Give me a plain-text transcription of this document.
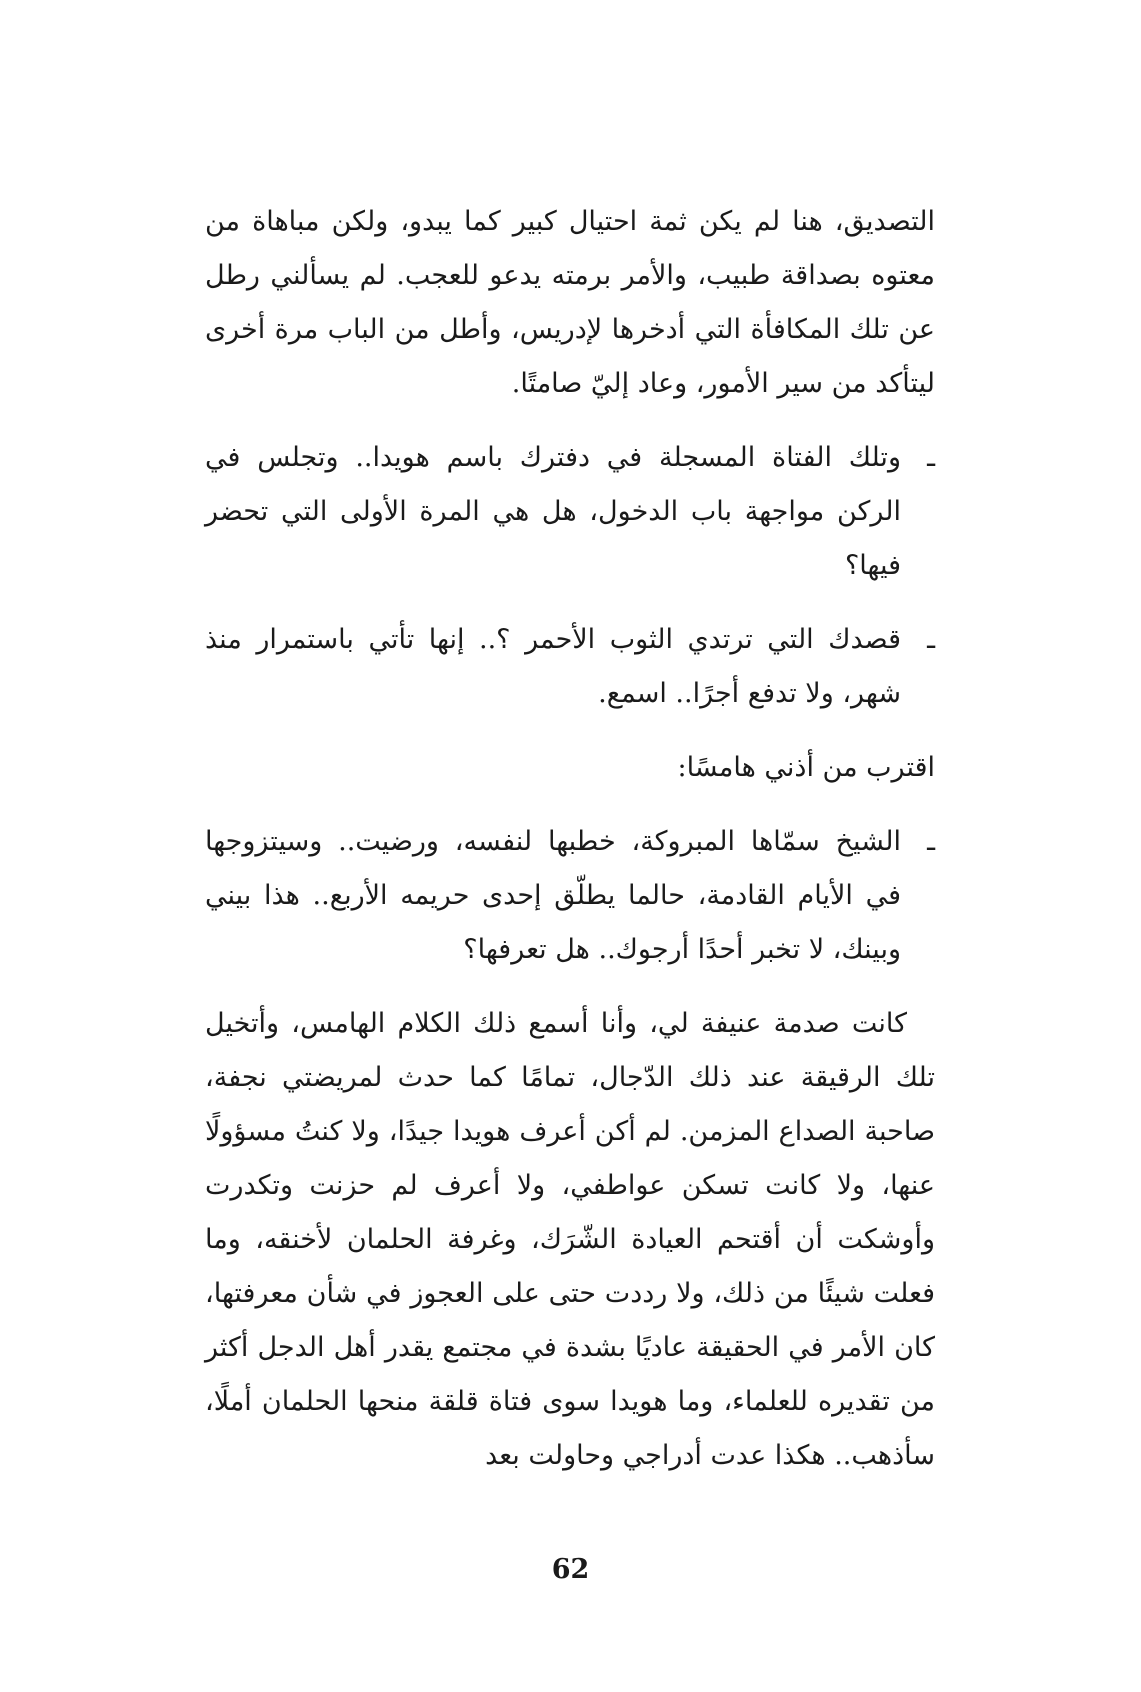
التصديق، هنا لم يكن ثمة احتيال كبير كما يبدو، ولكن مباهاة من معتوه بصداقة طبيب، والأمر برمته يدعو للعجب. لم يسألني رطل عن تلك المكافأة التي أدخرها لإدريس، وأطل من الباب مرة أخرى ليتأكد من سير الأمور، وعاد إليّ صامتًا.

ـ
وتلك الفتاة المسجلة في دفترك باسم هويدا.. وتجلس في الركن مواجهة باب الدخول، هل هي المرة الأولى التي تحضر فيها؟

ـ
قصدك التي ترتدي الثوب الأحمر ؟.. إنها تأتي باستمرار منذ شهر، ولا تدفع أجرًا.. اسمع.

اقترب من أذني هامسًا:

ـ
الشيخ سمّاها المبروكة، خطبها لنفسه، ورضيت.. وسيتزوجها في الأيام القادمة، حالما يطلّق إحدى حريمه الأربع.. هذا بيني وبينك، لا تخبر أحدًا أرجوك.. هل تعرفها؟

كانت صدمة عنيفة لي، وأنا أسمع ذلك الكلام الهامس، وأتخيل تلك الرقيقة عند ذلك الدّجال، تمامًا كما حدث لمريضتي نجفة، صاحبة الصداع المزمن. لم أكن أعرف هويدا جيدًا، ولا كنتُ مسؤولًا عنها، ولا كانت تسكن عواطفي، ولا أعرف لم حزنت وتكدرت وأوشكت أن أقتحم العيادة الشّرَك، وغرفة الحلمان لأخنقه، وما فعلت شيئًا من ذلك، ولا رددت حتى على العجوز في شأن معرفتها، كان الأمر في الحقيقة عاديًا بشدة في مجتمع يقدر أهل الدجل أكثر من تقديره للعلماء، وما هويدا سوى فتاة قلقة منحها الحلمان أملًا، سأذهب.. هكذا عدت أدراجي وحاولت بعد

62
